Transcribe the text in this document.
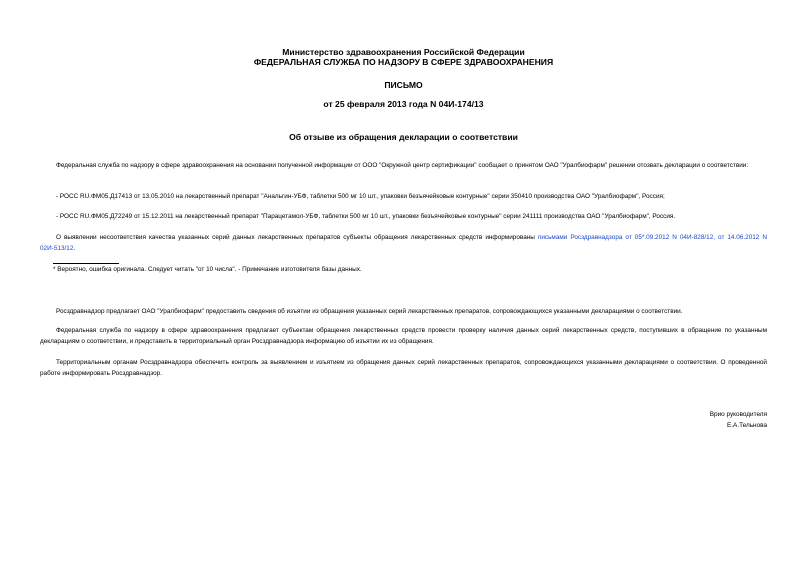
Министерство здравоохранения Российской Федерации
ФЕДЕРАЛЬНАЯ СЛУЖБА ПО НАДЗОРУ В СФЕРЕ ЗДРАВООХРАНЕНИЯ
ПИСЬМО
от 25 февраля 2013 года N 04И-174/13
Об отзыве из обращения декларации о соответствии
Федеральная служба по надзору в сфере здравоохранения на основании полученной информации от ООО "Окружной центр сертификации" сообщает о принятом ОАО "Уралбиофарм" решении отозвать декларации о соответствии:
- РОСС RU.ФМ05.Д17413 от 13.05.2010 на лекарственный препарат "Анальгин-УБФ, таблетки 500 мг 10 шт., упаковки безъячейковые контурные" серии 350410 производства ОАО "Уралбиофарм", Россия;
- РОСС RU.ФМ05.Д72249 от 15.12.2011 на лекарственный препарат "Парацетамол-УБФ, таблетки 500 мг 10 шт., упаковки безъячейковые контурные" серии 241111 производства ОАО "Уралбиофарм", Россия.
О выявлении несоответствия качества указанных серий данных лекарственных препаратов субъекты обращения лекарственных средств информированы письмами Росздравнадзора от 05*.09.2012 N 04И-828/12, от 14.06.2012 N 02И-513/12.
* Вероятно, ошибка оригинала. Следует читать "от 10 числа". - Примечание изготовителя базы данных.
Росздравнадзор предлагает ОАО "Уралбиофарм" предоставить сведения об изъятии из обращения указанных серий лекарственных препаратов, сопровождающихся указанными декларациями о соответствии.
Федеральная служба по надзору в сфере здравоохранения предлагает субъектам обращения лекарственных средств провести проверку наличия данных серий лекарственных средств, поступивших в обращение по указанным декларациям о соответствии, и представить в территориальный орган Росздравнадзора информацию об изъятии их из обращения.
Территориальным органам Росздравнадзора обеспечить контроль за выявлением и изъятием из обращения данных серий лекарственных препаратов, сопровождающихся указанными декларациями о соответствии. О проведенной работе информировать Росздравнадзор.
Врио руководителя
Е.А.Тельнова
